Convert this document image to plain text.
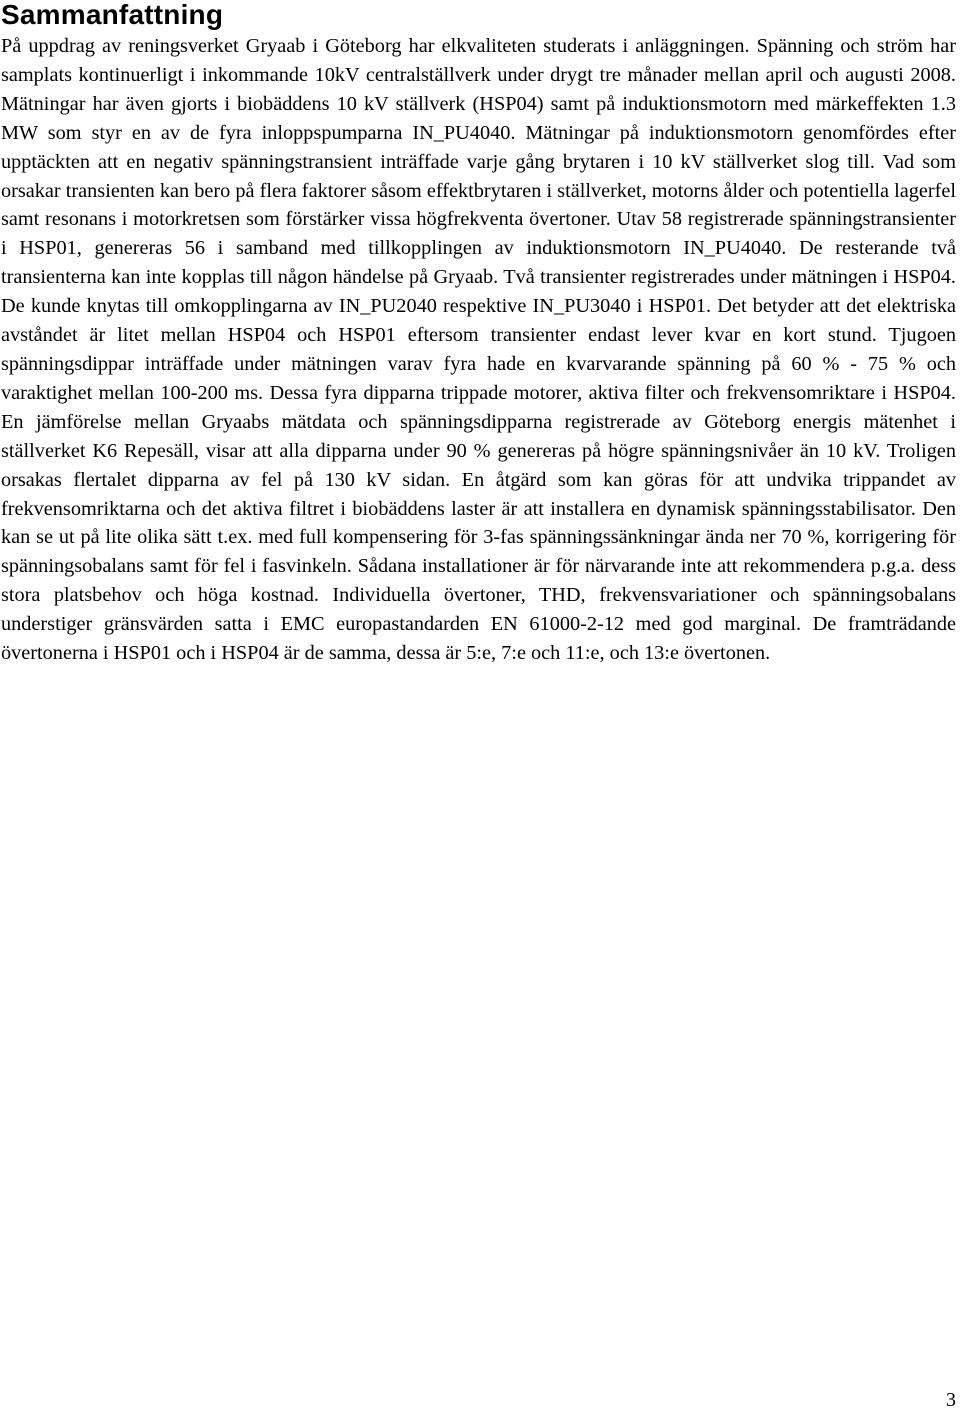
Sammanfattning

På uppdrag av reningsverket Gryaab i Göteborg har elkvaliteten studerats i anläggningen. Spänning och ström har samplats kontinuerligt i inkommande 10kV centralställverk under drygt tre månader mellan april och augusti 2008. Mätningar har även gjorts i biobäddens 10 kV ställverk (HSP04) samt på induktionsmotorn med märkeffekten 1.3 MW som styr en av de fyra inloppspumparna IN_PU4040. Mätningar på induktionsmotorn genomfördes efter upptäckten att en negativ spänningstransient inträffade varje gång brytaren i 10 kV ställverket slog till. Vad som orsakar transienten kan bero på flera faktorer såsom effektbrytaren i ställverket, motorns ålder och potentiella lagerfel samt resonans i motorkretsen som förstärker vissa högfrekventa övertoner. Utav 58 registrerade spänningstransienter i HSP01, genereras 56 i samband med tillkopplingen av induktionsmotorn IN_PU4040. De resterande två transienterna kan inte kopplas till någon händelse på Gryaab. Två transienter registrerades under mätningen i HSP04. De kunde knytas till omkopplingarna av IN_PU2040 respektive IN_PU3040 i HSP01. Det betyder att det elektriska avståndet är litet mellan HSP04 och HSP01 eftersom transienter endast lever kvar en kort stund. Tjugoen spänningsdippar inträffade under mätningen varav fyra hade en kvarvarande spänning på 60 % - 75 % och varaktighet mellan 100-200 ms. Dessa fyra dipparna trippade motorer, aktiva filter och frekvensomriktare i HSP04. En jämförelse mellan Gryaabs mätdata och spänningsdipparna registrerade av Göteborg energis mätenhet i ställverket K6 Repesäll, visar att alla dipparna under 90 % genereras på högre spänningsnivåer än 10 kV. Troligen orsakas flertalet dipparna av fel på 130 kV sidan. En åtgärd som kan göras för att undvika trippandet av frekvensomriktarna och det aktiva filtret i biobäddens laster är att installera en dynamisk spänningsstabilisator. Den kan se ut på lite olika sätt t.ex. med full kompensering för 3-fas spänningssänkningar ända ner 70 %, korrigering för spänningsobalans samt för fel i fasvinkeln. Sådana installationer är för närvarande inte att rekommendera p.g.a. dess stora platsbehov och höga kostnad. Individuella övertoner, THD, frekvensvariationer och spänningsobalans understiger gränsvärden satta i EMC europastandarden EN 61000-2-12 med god marginal. De framträdande övertonerna i HSP01 och i HSP04 är de samma, dessa är 5:e, 7:e och 11:e, och 13:e övertonen.

3
